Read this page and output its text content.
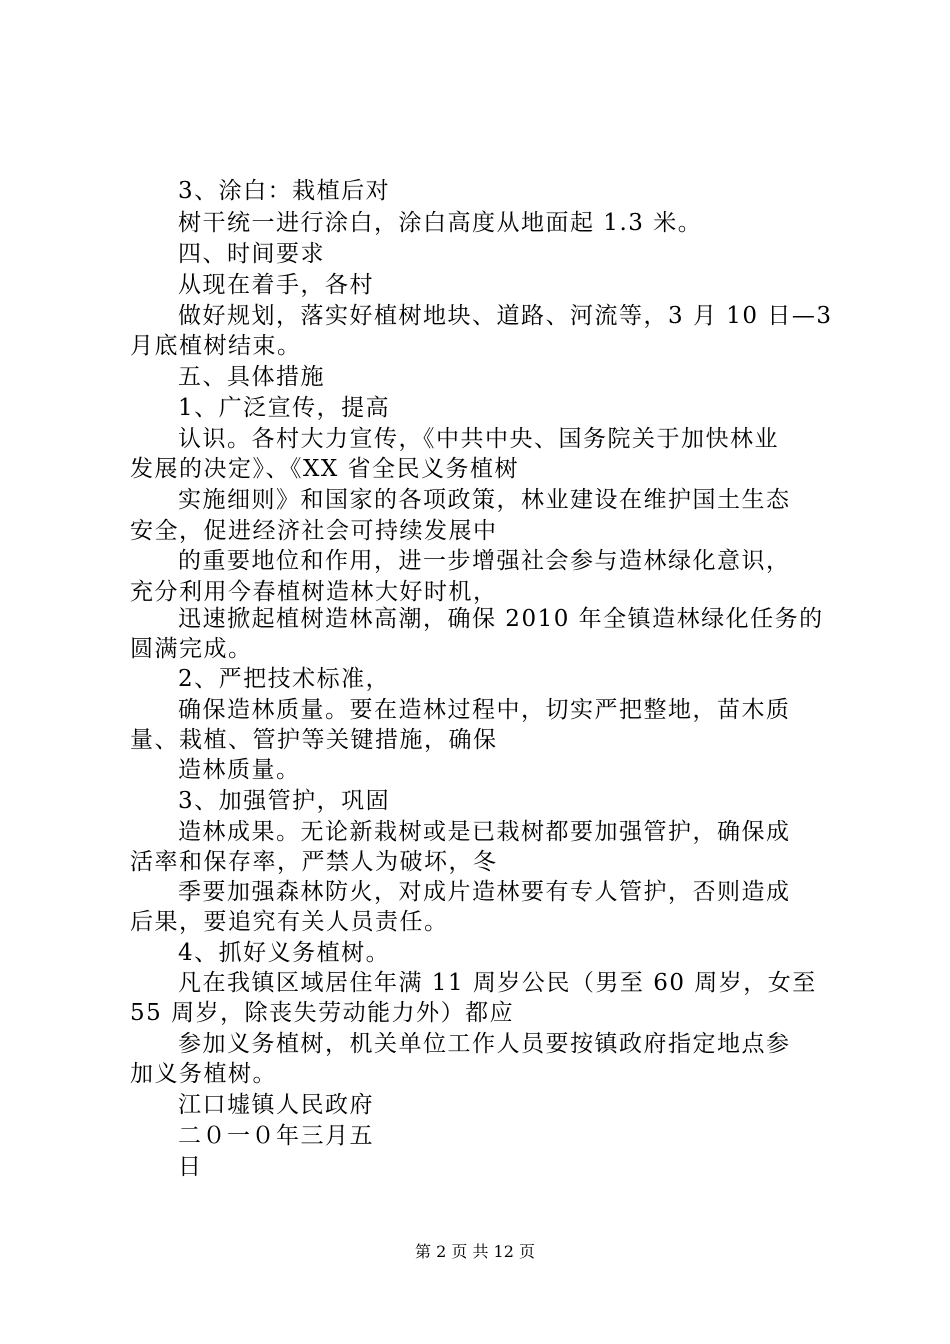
3、涂白：栽植后对
树干统一进行涂白，涂白高度从地面起 1.3 米。
四、时间要求
从现在着手，各村
做好规划，落实好植树地块、道路、河流等，3 月 10 日—3
月底植树结束。
五、具体措施
1、广泛宣传，提高
认识。各村大力宣传，《中共中央、国务院关于加快林业
发展的决定》、《XX 省全民义务植树
实施细则》和国家的各项政策，林业建设在维护国土生态
安全，促进经济社会可持续发展中
的重要地位和作用，进一步增强社会参与造林绿化意识，
充分利用今春植树造林大好时机，
迅速掀起植树造林高潮，确保 2010 年全镇造林绿化任务的
圆满完成。
2、严把技术标准，
确保造林质量。要在造林过程中，切实严把整地，苗木质
量、栽植、管护等关键措施，确保
造林质量。
3、加强管护，巩固
造林成果。无论新栽树或是已栽树都要加强管护，确保成
活率和保存率，严禁人为破坏，冬
季要加强森林防火，对成片造林要有专人管护，否则造成
后果，要追究有关人员责任。
4、抓好义务植树。
凡在我镇区域居住年满 11 周岁公民（男至 60 周岁，女至
55 周岁，除丧失劳动能力外）都应
参加义务植树，机关单位工作人员要按镇政府指定地点参
加义务植树。
江口墟镇人民政府
二０一０年三月五
日
第 2 页 共 12 页
